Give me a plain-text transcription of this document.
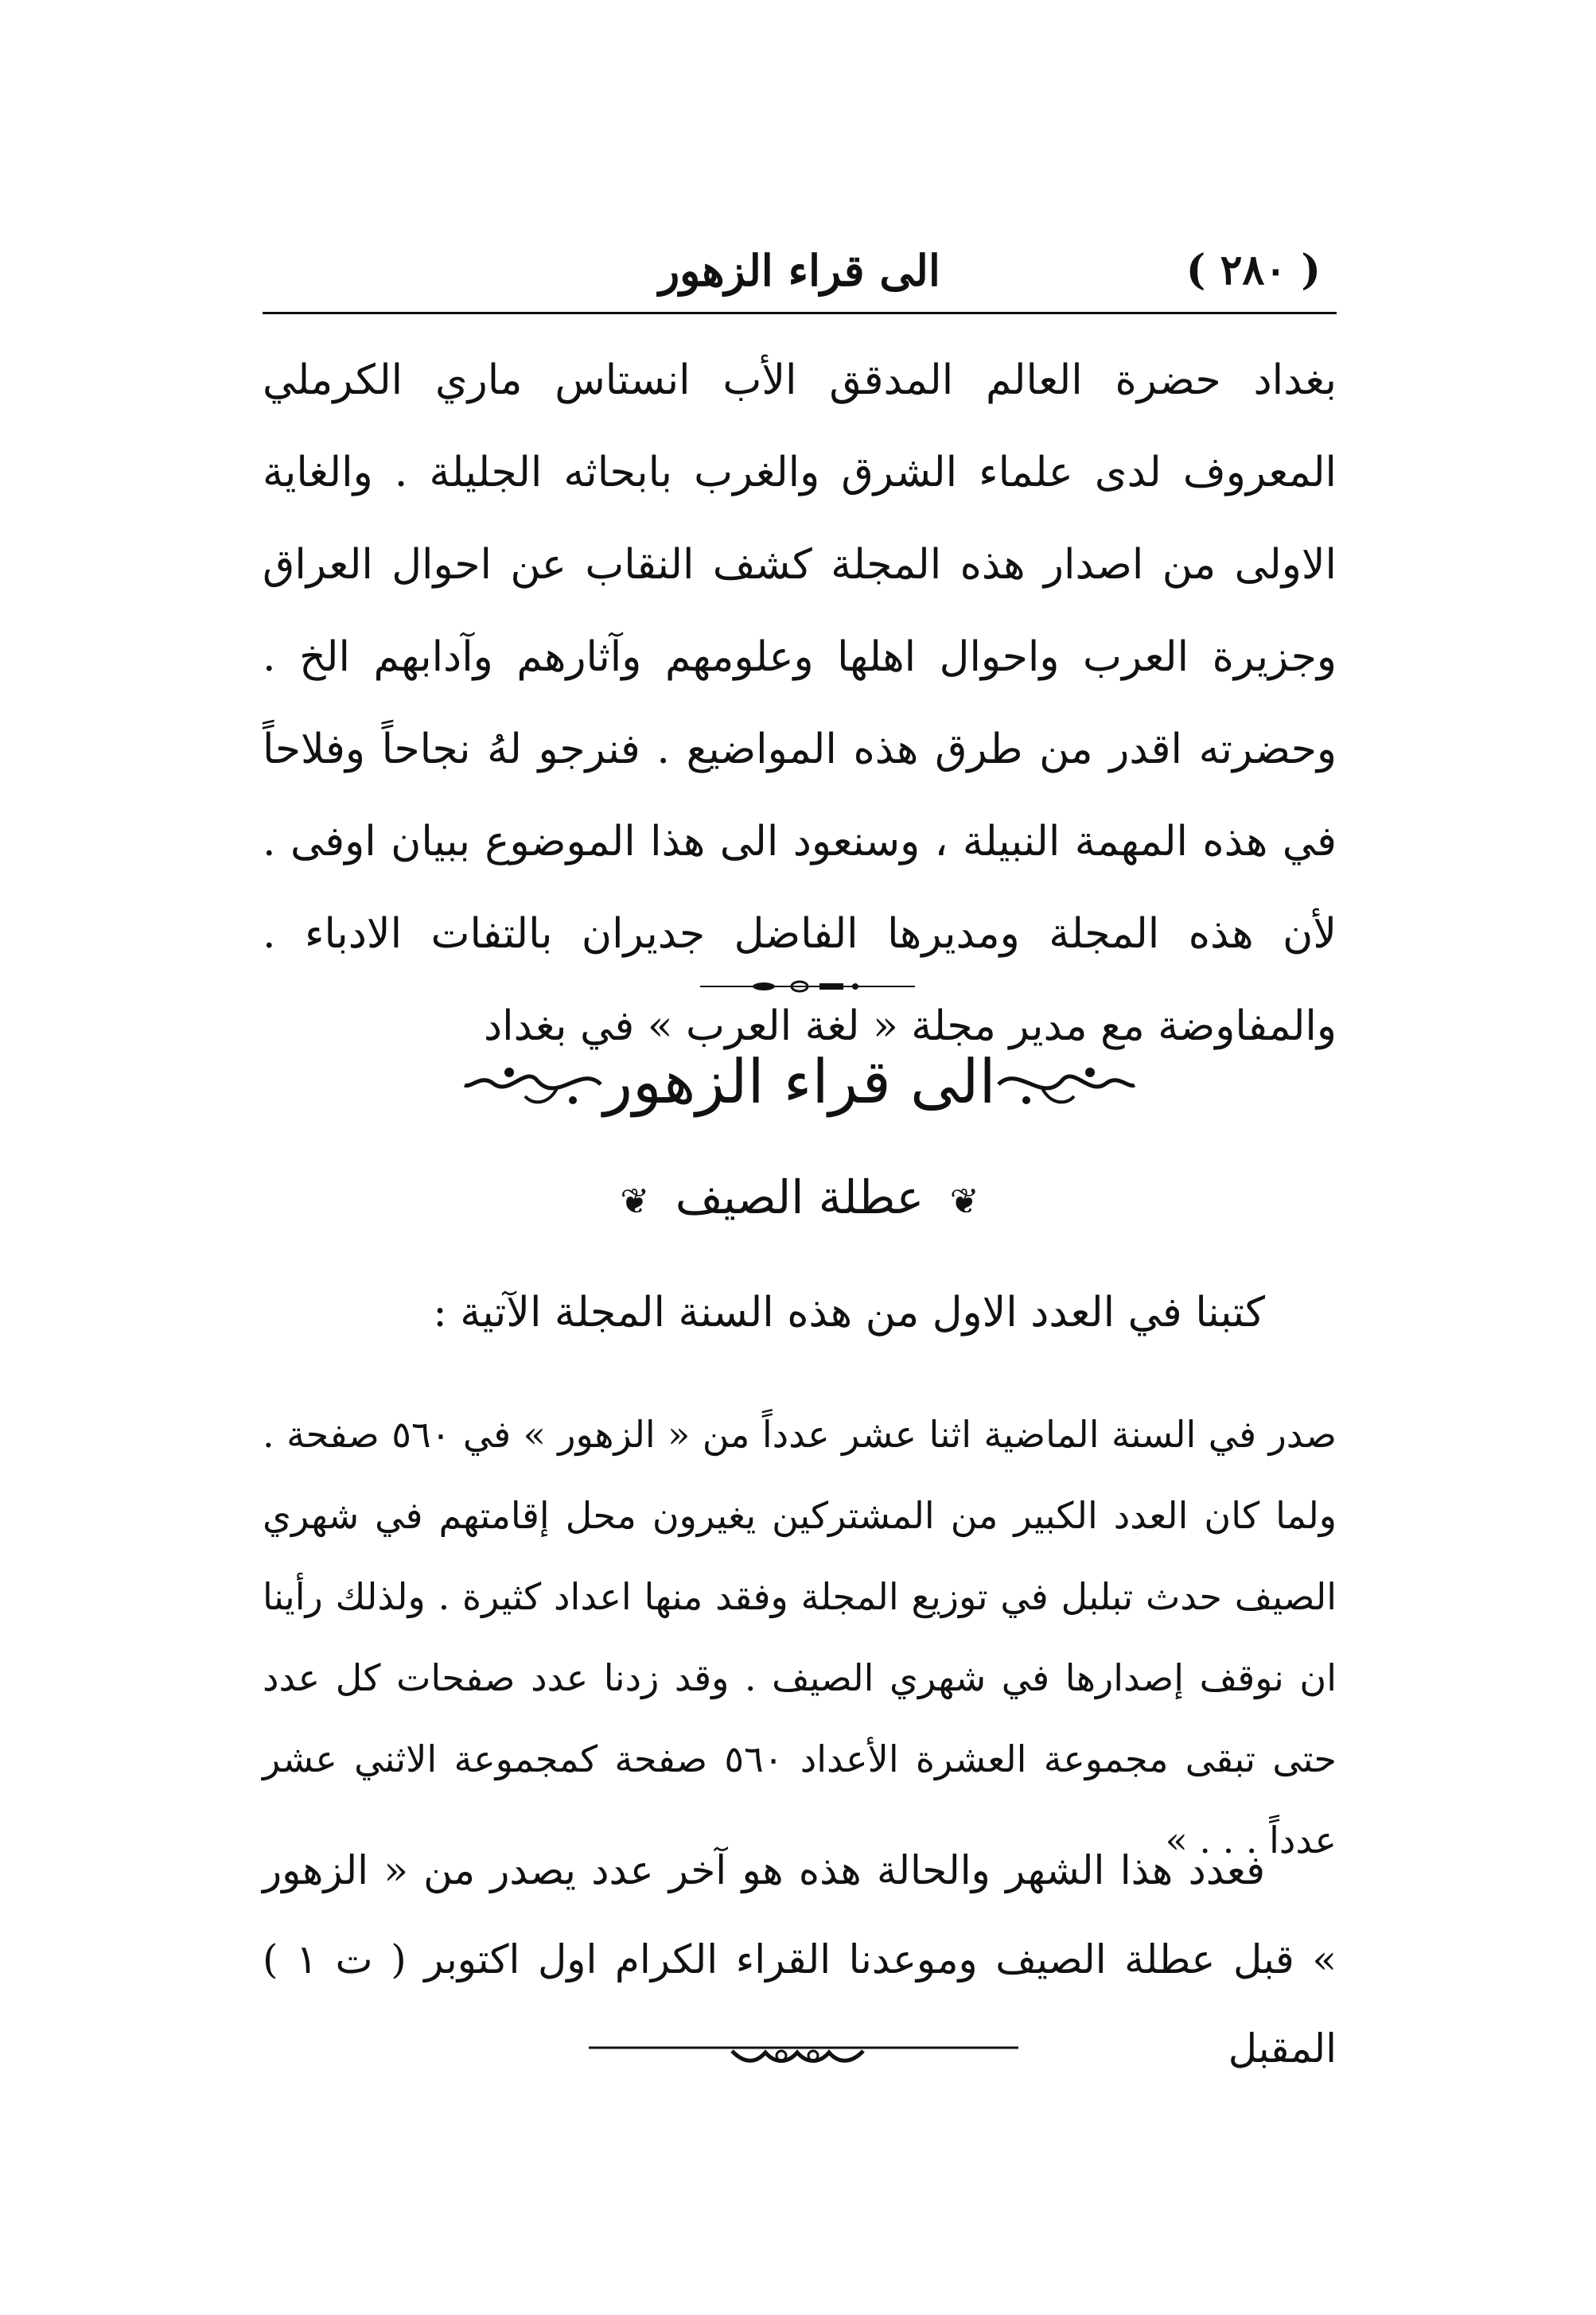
( ٢٨٠ )
الى قراء الزهور

بغداد حضرة العالم المدقق الأب انستاس ماري الكرملي المعروف لدى علماء الشرق والغرب بابحاثه الجليلة . والغاية الاولى من اصدار هذه المجلة كشف النقاب عن احوال العراق وجزيرة العرب واحوال اهلها وعلومهم وآثارهم وآدابهم الخ . وحضرته اقدر من طرق هذه المواضيع . فنرجو لهُ نجاحاً وفلاحاً في هذه المهمة النبيلة ، وسنعود الى هذا الموضوع ببيان اوفى . لأن هذه المجلة ومديرها الفاضل جديران بالتفات الادباء . والمفاوضة مع مدير مجلة « لغة العرب » في بغداد

الى قراء الزهور
❦ عطلة الصيف ❦

كتبنا في العدد الاول من هذه السنة المجلة الآتية :

صدر في السنة الماضية اثنا عشر عدداً من « الزهور » في ٥٦٠ صفحة . ولما كان العدد الكبير من المشتركين يغيرون محل إقامتهم في شهري الصيف حدث تبلبل في توزيع المجلة وفقد منها اعداد كثيرة . ولذلك رأينا ان نوقف إصدارها في شهري الصيف . وقد زدنا عدد صفحات كل عدد حتى تبقى مجموعة العشرة الأعداد ٥٦٠ صفحة كمجموعة الاثني عشر عدداً . . . »

فعدد هذا الشهر والحالة هذه هو آخر عدد يصدر من « الزهور » قبل عطلة الصيف وموعدنا القراء الكرام اول اكتوبر ( ت ١ ) المقبل
